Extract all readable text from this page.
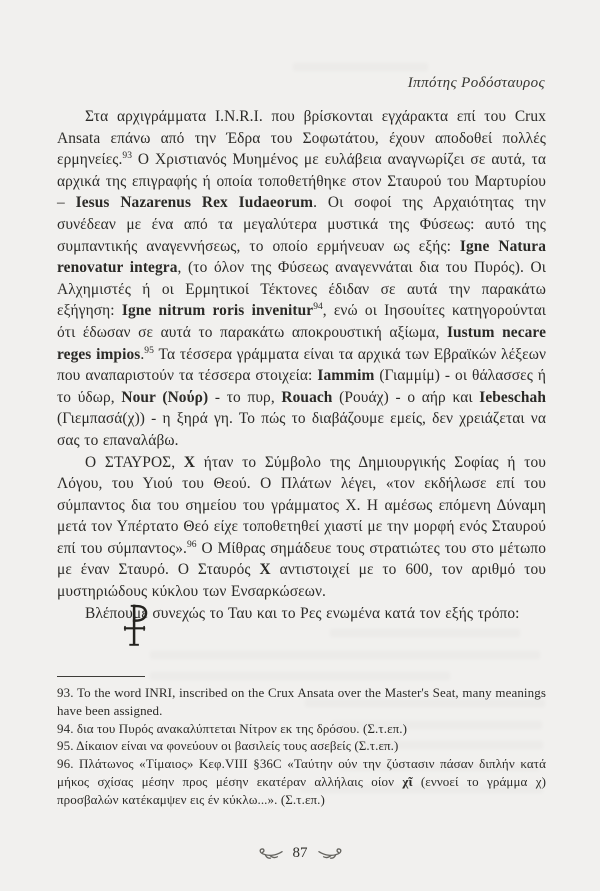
Ιππότης Ροδόσταυρος

Στα αρχιγράμματα I.N.R.I. που βρίσκονται εγχάρακτα επί του Crux Ansata επάνω από την Έδρα του Σοφωτάτου, έχουν αποδοθεί πολλές ερμηνείες.$^{93}$ Ο Χριστιανός Μυημένος με ευλάβεια αναγνωρίζει σε αυτά, τα αρχικά της επιγραφής ή οποία τοποθετήθηκε στον Σταυρού του Μαρτυρίου – Iesus Nazarenus Rex Iudaeorum. Οι σοφοί της Αρχαιότητας την συνέδεαν με ένα από τα μεγαλύτερα μυστικά της Φύσεως: αυτό της συμπαντικής αναγεννήσεως, το οποίο ερμήνευαν ως εξής: Igne Natura renovatur integra, (το όλον της Φύσεως αναγεννάται δια του Πυρός). Οι Αλχημιστές ή οι Ερμητικοί Τέκτονες έδιδαν σε αυτά την παρακάτω εξήγηση: Igne nitrum roris invenitur$^{94}$, ενώ οι Ιησουίτες κατηγορούνται ότι έδωσαν σε αυτά το παρακάτω αποκρουστική αξίωμα, Iustum necare reges impios.$^{95}$ Τα τέσσερα γράμματα είναι τα αρχικά των Εβραϊκών λέξεων που αναπαριστούν τα τέσσερα στοιχεία: Iammim (Γιαμμίμ) - οι θάλασσες ή το ύδωρ, Nour (Νούρ) - το πυρ, Rouach (Ρουάχ) - ο αήρ και Iebeschah (Γιεμπασά(χ)) - η ξηρά γη. Το πώς το διαβάζουμε εμείς, δεν χρειάζεται να σας το επαναλάβω.

Ο ΣΤΑΥΡΟΣ, X ήταν το Σύμβολο της Δημιουργικής Σοφίας ή του Λόγου, του Υιού του Θεού. Ο Πλάτων λέγει, «τον εκδήλωσε επί του σύμπαντος δια του σημείου του γράμματος X. Η αμέσως επόμενη Δύναμη μετά τον Υπέρτατο Θεό είχε τοποθετηθεί χιαστί με την μορφή ενός Σταυρού επί του σύμπαντος».$^{96}$ Ο Μίθρας σημάδευε τους στρατιώτες του στο μέτωπο με έναν Σταυρό. Ο Σταυρός X αντιστοιχεί με το 600, τον αριθμό του μυστηριώδους κύκλου των Ενσαρκώσεων.

Βλέπουμε συνεχώς το Ταυ και το Ρες ενωμένα κατά τον εξής τρόπο:

93. To the word INRI, inscribed on the Crux Ansata over the Master's Seat, many meanings have been assigned.

94. δια του Πυρός ανακαλύπτεται Νίτρον εκ της δρόσου. (Σ.τ.επ.)

95. Δίκαιον είναι να φονεύουν οι βασιλείς τους ασεβείς (Σ.τ.επ.)

96. Πλάτωνος «Τίμαιος» Κεφ.VIII §36C «Ταύτην ούν την ζύστασιν πάσαν διπλήν κατά μήκος σχίσας μέσην προς μέσην εκατέραν αλλήλαις οίον χῖ (εννοεί το γράμμα χ) προσβαλών κατέκαμψεν εις έν κύκλω...». (Σ.τ.επ.)

87
